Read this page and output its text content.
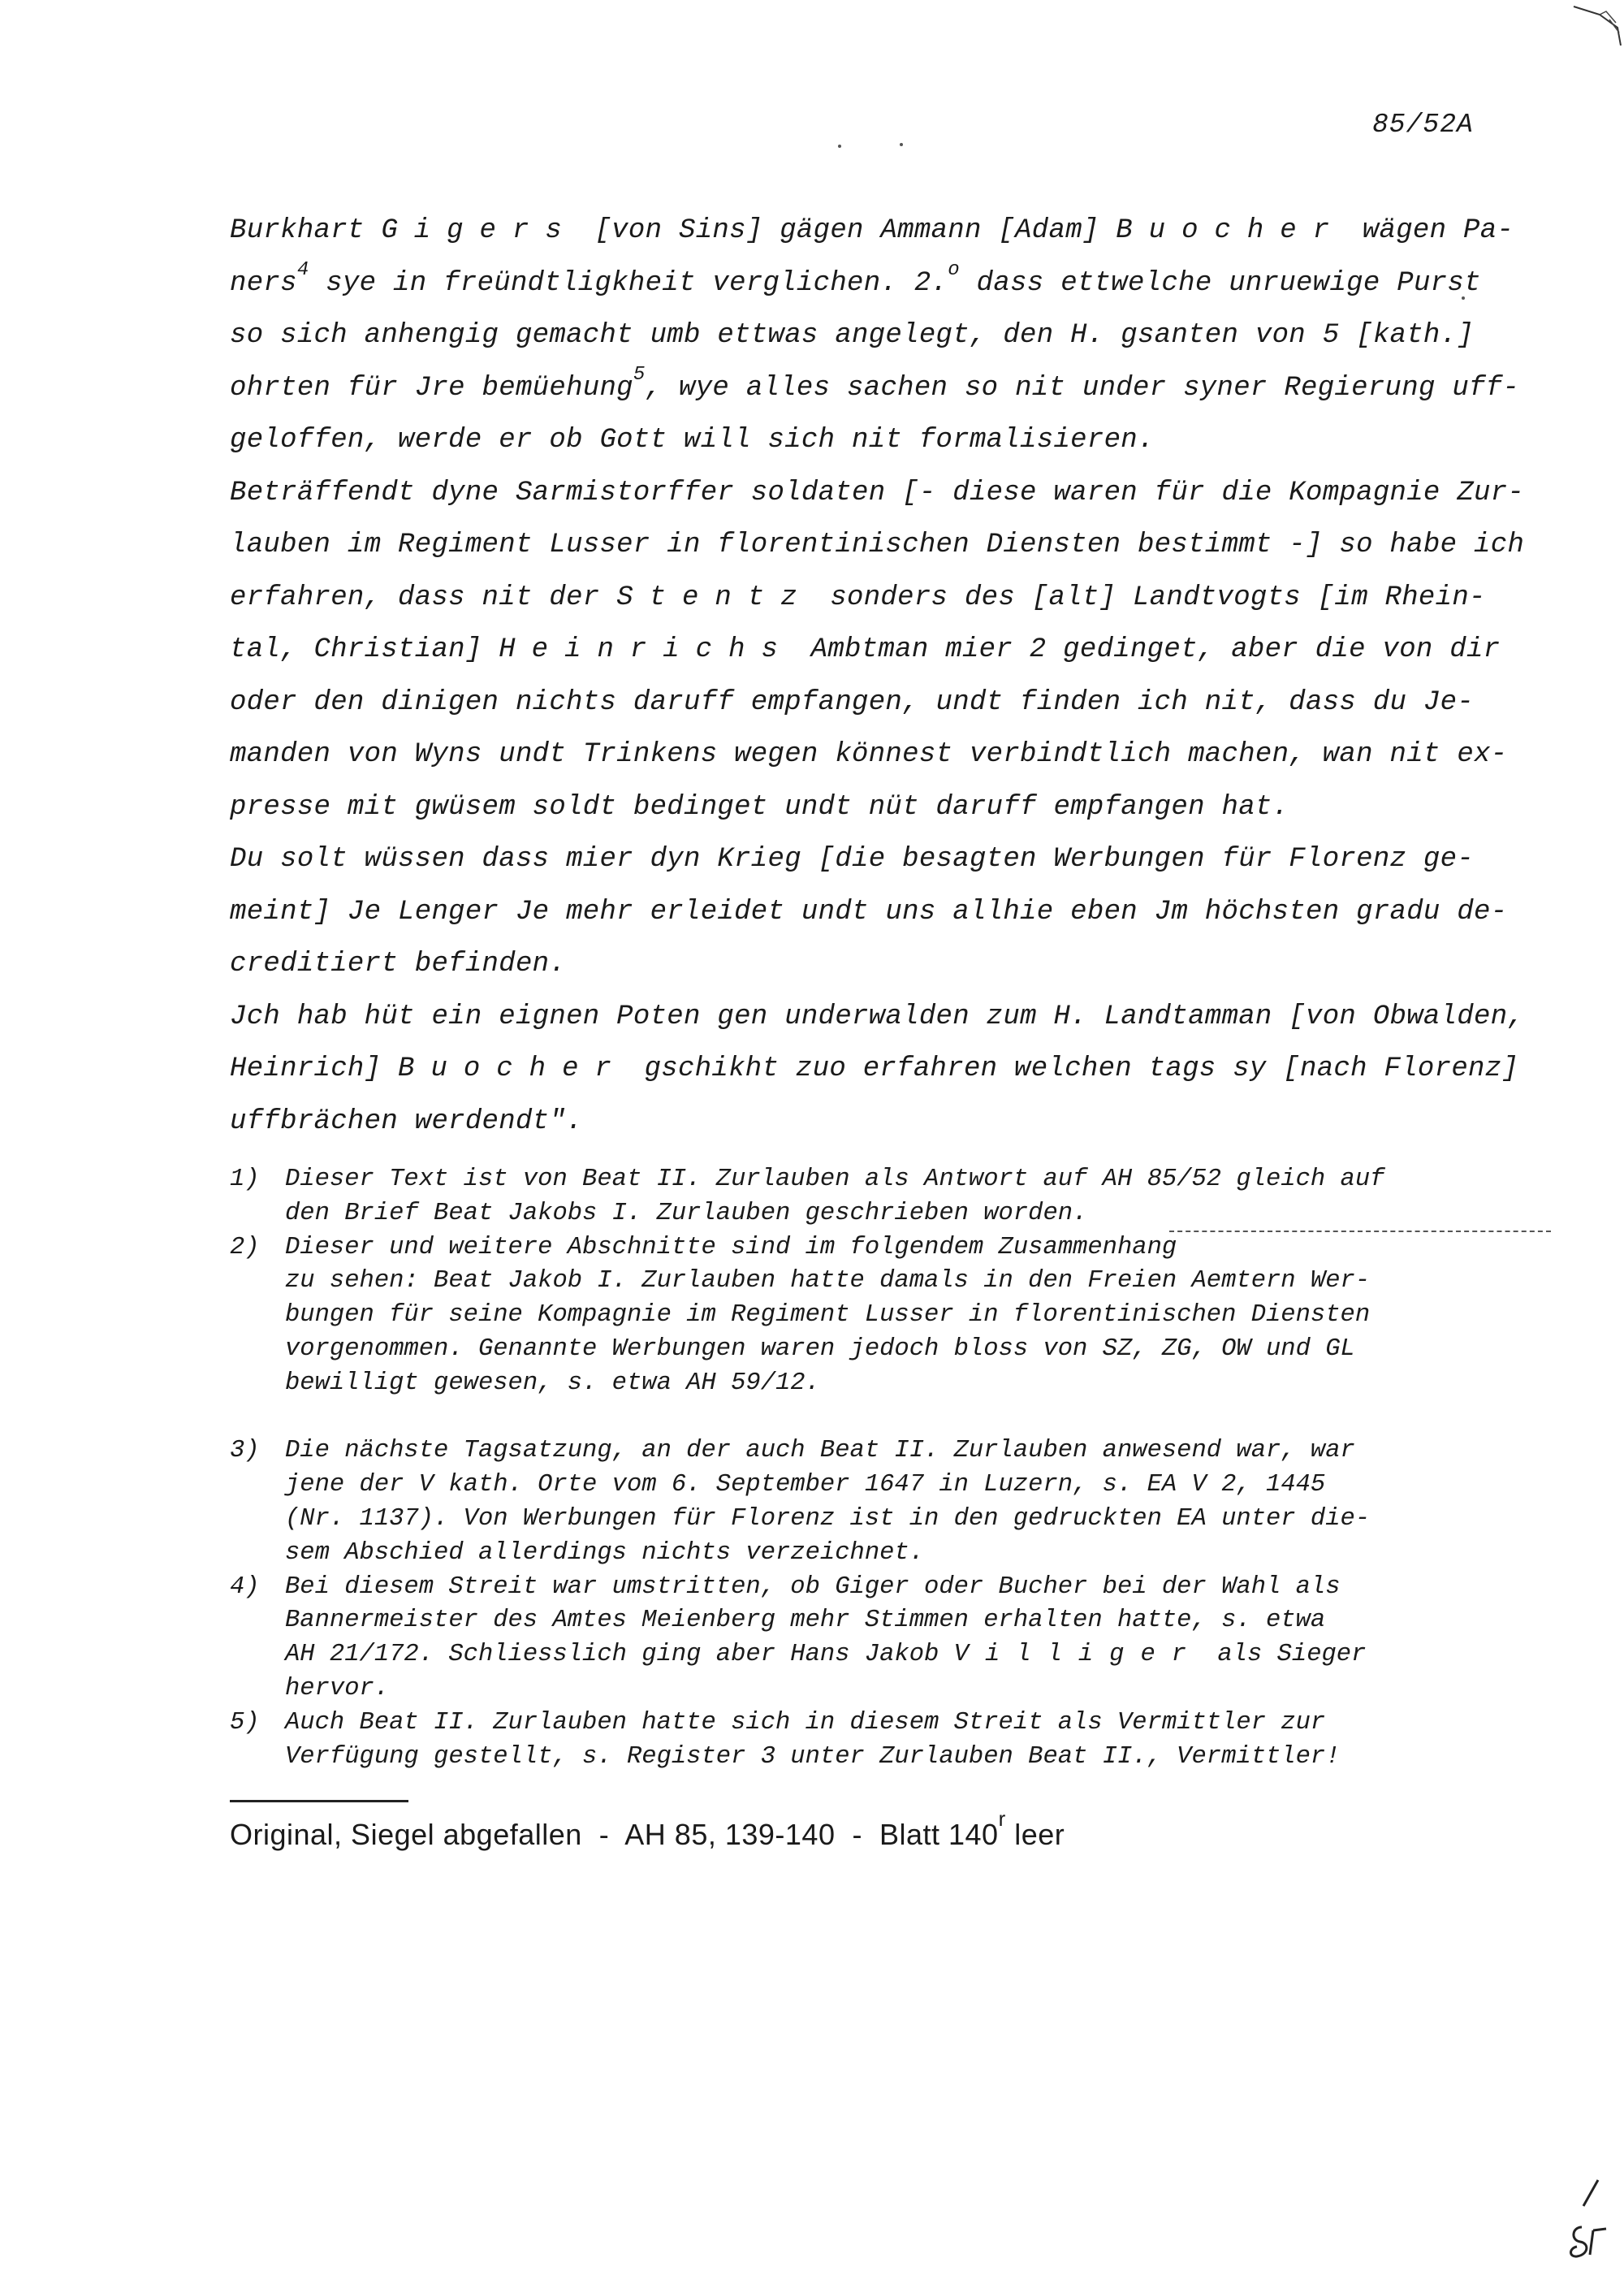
85/52A
Burkhart Gigers [von Sins] gägen Ammann [Adam] Buocher wägen Pa-
ners$^4$ sye in freündtligkheit verglichen. 2.$^o$ dass ettwelche unruewige Purst
so sich anhengig gemacht umb ettwas angelegt, den H. gsanten von 5 [kath.]
ohrten für Jre bemüehung$^5$, wye alles sachen so nit under syner Regierung uff-
geloffen, werde er ob Gott will sich nit formalisieren.
Beträffendt dyne Sarmistorffer soldaten [- diese waren für die Kompagnie Zur-
lauben im Regiment Lusser in florentinischen Diensten bestimmt -] so habe ich
erfahren, dass nit der Stentz sonders des [alt] Landtvogts [im Rhein-
tal, Christian] Heinrichs Ambtman mier 2 gedinget, aber die von dir
oder den dinigen nichts daruff empfangen, undt finden ich nit, dass du Je-
manden von Wyns undt Trinkens wegen könnest verbindtlich machen, wan nit ex-
presse mit gwüsem soldt bedinget undt nüt daruff empfangen hat.
Du solt wüssen dass mier dyn Krieg [die besagten Werbungen für Florenz ge-
meint] Je Lenger Je mehr erleidet undt uns allhie eben Jm höchsten gradu de-
creditiert befinden.
Jch hab hüt ein eignen Poten gen underwalden zum H. Landtamman [von Obwalden,
Heinrich] Buocher gschikht zuo erfahren welchen tags sy [nach Florenz]
uffbrächen werdendt".
1)	Dieser Text ist von Beat II. Zurlauben als Antwort auf AH 85/52 gleich auf
den Brief Beat Jakobs I. Zurlauben geschrieben worden.
2)	Dieser und weitere Abschnitte sind im folgendem Zusammenhang
zu sehen: Beat Jakob I. Zurlauben hatte damals in den Freien Aemtern Wer-
bungen für seine Kompagnie im Regiment Lusser in florentinischen Diensten
vorgenommen. Genannte Werbungen waren jedoch bloss von SZ, ZG, OW und GL
bewilligt gewesen, s. etwa AH 59/12.
3)	Die nächste Tagsatzung, an der auch Beat II. Zurlauben anwesend war, war
jene der V kath. Orte vom 6. September 1647 in Luzern, s. EA V 2, 1445
(Nr. 1137). Von Werbungen für Florenz ist in den gedruckten EA unter die-
sem Abschied allerdings nichts verzeichnet.
4)	Bei diesem Streit war umstritten, ob Giger oder Bucher bei der Wahl als
Bannermeister des Amtes Meienberg mehr Stimmen erhalten hatte, s. etwa
AH 21/172. Schliesslich ging aber Hans Jakob Villiger als Sieger
hervor.
5)	Auch Beat II. Zurlauben hatte sich in diesem Streit als Vermittler zur
Verfügung gestellt, s. Register 3 unter Zurlauben Beat II., Vermittler!
Original, Siegel abgefallen  -  AH 85, 139-140  -  Blatt 140$^r$ leer
